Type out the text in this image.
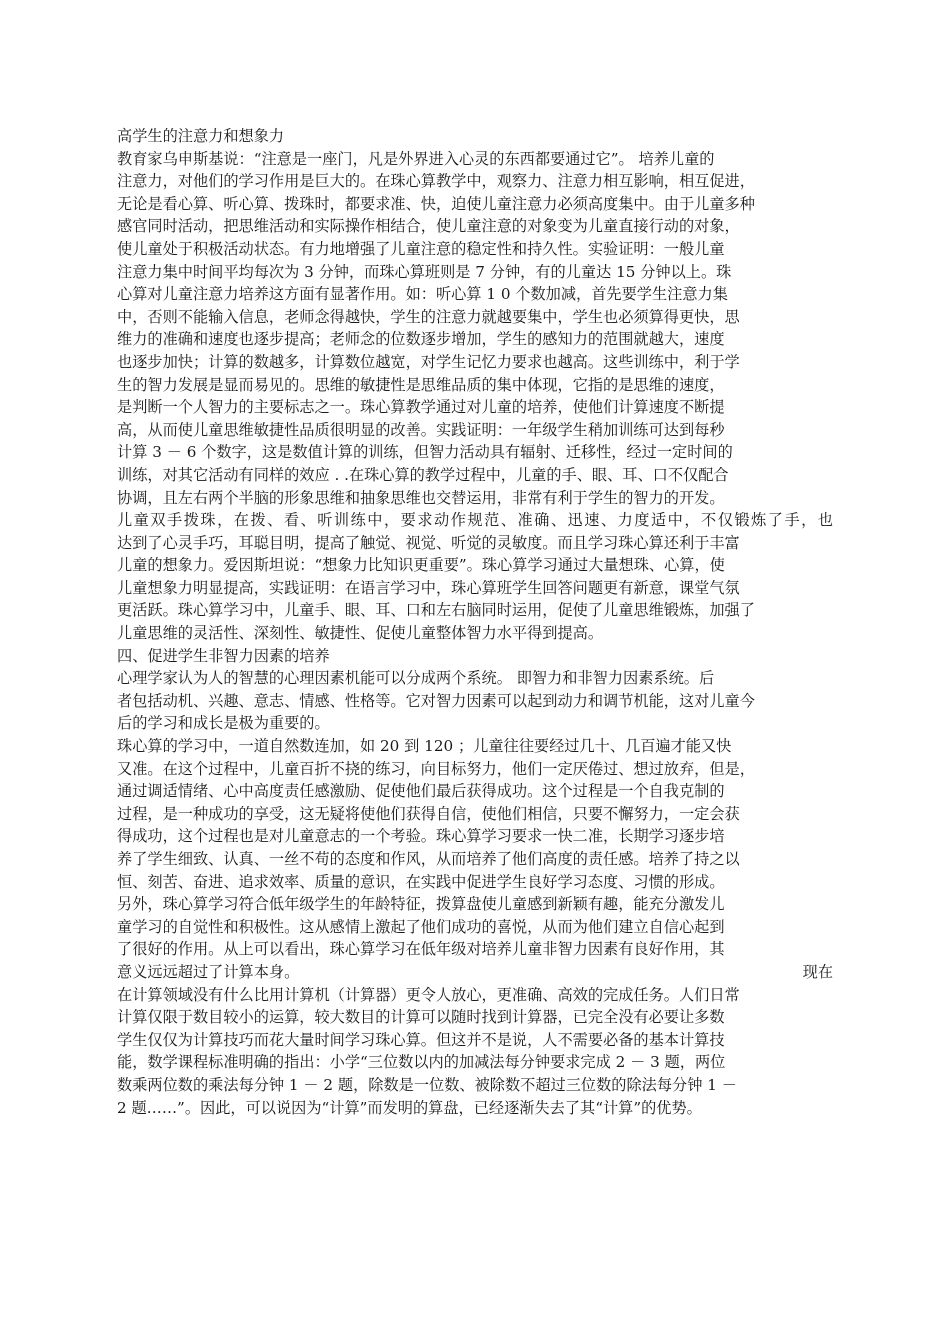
高学生的注意力和想象力
教育家乌申斯基说：“注意是一座门，凡是外界进入心灵的东西都要通过它”。 培养儿童的
注意力，对他们的学习作用是巨大的。在珠心算教学中，观察力、注意力相互影响，相互促进，
无论是看心算、听心算、拨珠时，都要求准、快，迫使儿童注意力必须高度集中。由于儿童多种
感官同时活动，把思维活动和实际操作相结合，使儿童注意的对象变为儿童直接行动的对象，
使儿童处于积极活动状态。有力地增强了儿童注意的稳定性和持久性。实验证明：一般儿童
注意力集中时间平均每次为 3 分钟，而珠心算班则是 7 分钟，有的儿童达 15 分钟以上。珠
心算对儿童注意力培养这方面有显著作用。如：听心算 1 0 个数加减，首先要学生注意力集
中，否则不能输入信息，老师念得越快，学生的注意力就越要集中，学生也必须算得更快，思
维力的准确和速度也逐步提高；老师念的位数逐步增加，学生的感知力的范围就越大，速度
也逐步加快；计算的数越多，计算数位越宽，对学生记忆力要求也越高。这些训练中，利于学
生的智力发展是显而易见的。思维的敏捷性是思维品质的集中体现，它指的是思维的速度，
是判断一个人智力的主要标志之一。珠心算教学通过对儿童的培养，使他们计算速度不断提
高，从而使儿童思维敏捷性品质很明显的改善。实践证明：一年级学生稍加训练可达到每秒
计算 3 － 6 个数字，这是数值计算的训练，但智力活动具有辐射、迁移性，经过一定时间的
训练，对其它活动有同样的效应 . .在珠心算的教学过程中，儿童的手、眼、耳、口不仅配合
协调，且左右两个半脑的形象思维和抽象思维也交替运用，非常有利于学生的智力的开发。
儿童双手拨珠，在拨、看、听训练中，要求动作规范、准确、迅速、力度适中，不仅锻炼了手，也
达到了心灵手巧，耳聪目明，提高了触觉、视觉、听觉的灵敏度。而且学习珠心算还利于丰富
儿童的想象力。爱因斯坦说：“想象力比知识更重要”。珠心算学习通过大量想珠、心算，使
儿童想象力明显提高，实践证明：在语言学习中，珠心算班学生回答问题更有新意，课堂气氛
更活跃。珠心算学习中，儿童手、眼、耳、口和左右脑同时运用，促使了儿童思维锻炼，加强了
儿童思维的灵活性、深刻性、敏捷性、促使儿童整体智力水平得到提高。
四、促进学生非智力因素的培养
心理学家认为人的智慧的心理因素机能可以分成两个系统。 即智力和非智力因素系统。后
者包括动机、兴趣、意志、情感、性格等。它对智力因素可以起到动力和调节机能，这对儿童今
后的学习和成长是极为重要的。
珠心算的学习中，一道自然数连加，如 20 到 120 ；儿童往往要经过几十、几百遍才能又快
又准。在这个过程中，儿童百折不挠的练习，向目标努力，他们一定厌倦过、想过放弃，但是，
通过调适情绪、心中高度责任感激励、促使他们最后获得成功。这个过程是一个自我克制的
过程，是一种成功的享受，这无疑将使他们获得自信，使他们相信，只要不懈努力，一定会获
得成功，这个过程也是对儿童意志的一个考验。珠心算学习要求一快二准，长期学习逐步培
养了学生细致、认真、一丝不苟的态度和作风，从而培养了他们高度的责任感。培养了持之以
恒、刻苦、奋进、追求效率、质量的意识，在实践中促进学生良好学习态度、习惯的形成。
另外，珠心算学习符合低年级学生的年龄特征，拨算盘使儿童感到新颖有趣，能充分激发儿
童学习的自觉性和积极性。这从感情上激起了他们成功的喜悦，从而为他们建立自信心起到
了很好的作用。从上可以看出，珠心算学习在低年级对培养儿童非智力因素有良好作用，其
意义远远超过了计算本身。	现在
在计算领域没有什么比用计算机（计算器）更令人放心，更准确、高效的完成任务。人们日常
计算仅限于数目较小的运算，较大数目的计算可以随时找到计算器，已完全没有必要让多数
学生仅仅为计算技巧而花大量时间学习珠心算。但这并不是说，人不需要必备的基本计算技
能，数学课程标准明确的指出：小学“三位数以内的加减法每分钟要求完成 2 － 3 题，两位
数乘两位数的乘法每分钟 1 － 2 题，除数是一位数、被除数不超过三位数的除法每分钟 1 －
2 题……”。因此，可以说因为“计算”而发明的算盘，已经逐渐失去了其“计算”的优势。
